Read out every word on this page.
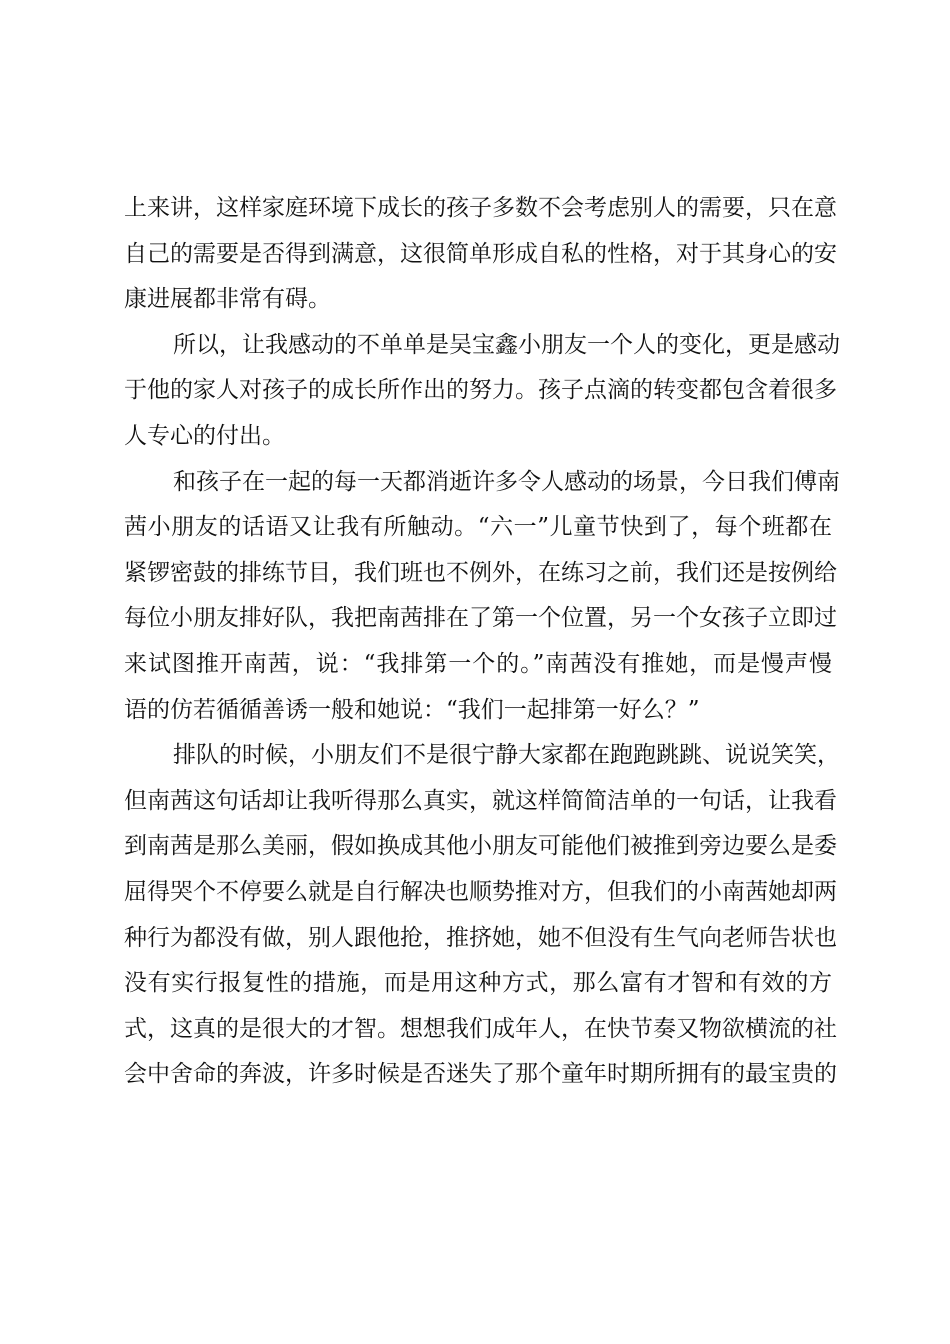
上来讲，这样家庭环境下成长的孩子多数不会考虑别人的需要，只在意
自己的需要是否得到满意，这很简单形成自私的性格，对于其身心的安
康进展都非常有碍。
所以，让我感动的不单单是吴宝鑫小朋友一个人的变化，更是感动
于他的家人对孩子的成长所作出的努力。孩子点滴的转变都包含着很多
人专心的付出。
和孩子在一起的每一天都消逝许多令人感动的场景，今日我们傅南
茜小朋友的话语又让我有所触动。“六一”儿童节快到了，每个班都在
紧锣密鼓的排练节目，我们班也不例外，在练习之前，我们还是按例给
每位小朋友排好队，我把南茜排在了第一个位置，另一个女孩子立即过
来试图推开南茜，说：“我排第一个的。”南茜没有推她，而是慢声慢
语的仿若循循善诱一般和她说：“我们一起排第一好么？”
排队的时候，小朋友们不是很宁静大家都在跑跑跳跳、说说笑笑，
但南茜这句话却让我听得那么真实，就这样简简洁单的一句话，让我看
到南茜是那么美丽，假如换成其他小朋友可能他们被推到旁边要么是委
屈得哭个不停要么就是自行解决也顺势推对方，但我们的小南茜她却两
种行为都没有做，别人跟他抢，推挤她，她不但没有生气向老师告状也
没有实行报复性的措施，而是用这种方式，那么富有才智和有效的方
式，这真的是很大的才智。想想我们成年人，在快节奏又物欲横流的社
会中舍命的奔波，许多时候是否迷失了那个童年时期所拥有的最宝贵的
